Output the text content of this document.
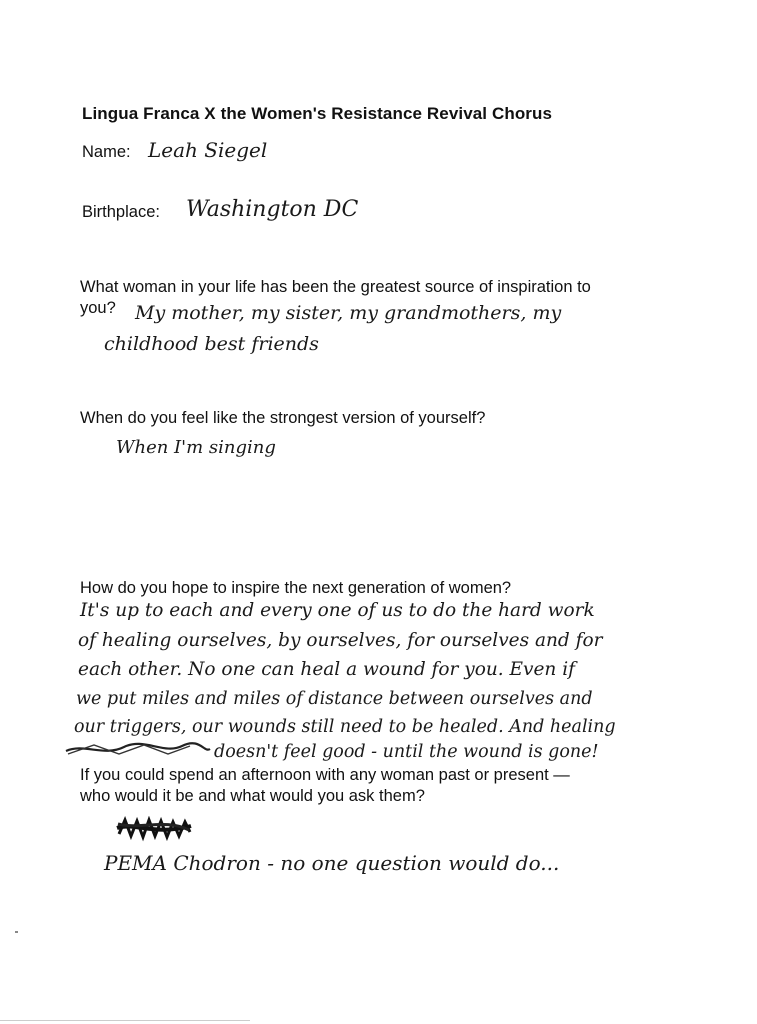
Lingua Franca X the Women's Resistance Revival Chorus
Name: Leah Siegel
Birthplace: Washington DC
What woman in your life has been the greatest source of inspiration to
you?	My mother, my sister, my grandmothers, my
childhood best friends
When do you feel like the strongest version of yourself?
When I'm singing
How do you hope to inspire the next generation of women?
It's up to each and every one of us to do the hard work
of healing ourselves, by ourselves, for ourselves and for
each other. No one can heal a wound for you. Even if
we put miles and miles of distance between ourselves and
our triggers, our wounds still need to be healed. And healing
doesn't feel good - until the wound is gone!
If you could spend an afternoon with any woman past or present —
who would it be and what would you ask them?
PEMA Chodron - no one question would do...
